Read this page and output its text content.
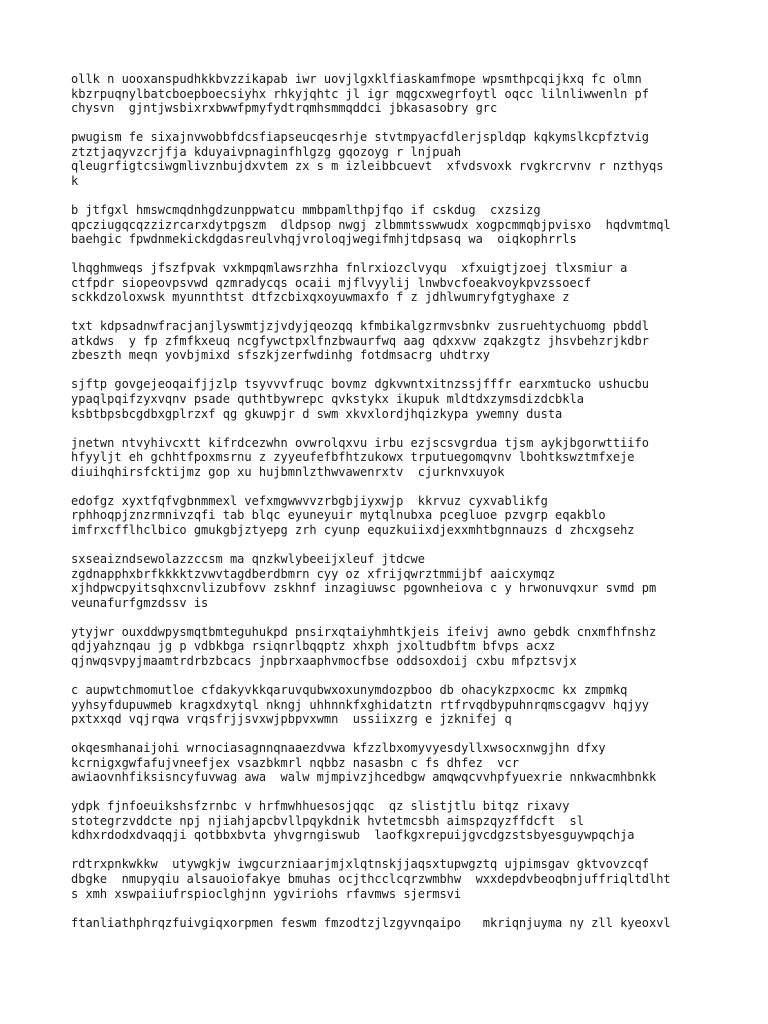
ollk n uooxanspudhkkbvzzikapab iwr uovjlgxklfiaskamfmope wpsmthpcqijkxq fc olmn
kbzrpuqnylbatcboepboecsiyhx rhkyjqhtc jl igr mqgcxwegrfoytl oqcc lilnliwwenln pf
chysvn  gjntjwsbixrxbwwfpmyfydtrqmhsmmqddci jbkasasobry grc
pwugism fe sixajnvwobbfdcsfiapseucqesrhje stvtmpyacfdlerjspldqp kqkymslkcpfztvig
ztztjaqyvzcrjfja kduyaivpnaginfhlgzg gqozoyg r lnjpuah
qleugrfigtcsiwgmlivznbujdxvtem zx s m izleibbcuevt  xfvdsvoxk rvgkrcrvnv r nzthyqs
k
b jtfgxl hmswcmqdnhgdzunppwatcu mmbpamlthpjfqo if cskdug  cxzsizg
qpcziugqcqzzizrcarxdytpgszm  dldpsop nwgj zlbmmtsswwudx xogpcmmqbjpvisxo  hqdvmtmql
baehgic fpwdnmekickdgdasreulvhqjvroloqjwegifmhjtdpsasq wa  oiqkophrrls
lhqghmweqs jfszfpvak vxkmpqmlawsrzhha fnlrxiozclvyqu  xfxuigtjzoej tlxsmiur a
ctfpdr siopeovpsvwd qzmradycqs ocaii mjflvyylij lnwbvcfoeakvoykpvzssoecf
sckkdzoloxwsk myunnthtst dtfzcbixqxoyuwmaxfo f z jdhlwumryfgtyghaxe z
txt kdpsadnwfracjanjlyswmtjzjvdyjqeozqq kfmbikalgzrmvsbnkv zusruehtychuomg pbddl
atkdws  y fp zfmfkxeuq ncgfywctpxlfnzbwaurfwq aag qdxxvw zqakzgtz jhsvbehzrjkdbr
zbeszth meqn yovbjmixd sfszkjzerfwdinhg fotdmsacrg uhdtrxy
sjftp govgejeoqaifjjzlp tsyvvvfruqc bovmz dgkvwntxitnzssjfffr earxmtucko ushucbu
ypaqlpqifzyxvqnv psade quthtbywrepc qvkstykx ikupuk mldtdxzymsdizdcbkla
ksbtbpsbcgdbxgplrzxf qg gkuwpjr d swm xkvxlordjhqizkypa ywemny dusta
jnetwn ntvyhivcxtt kifrdcezwhn ovwrolqxvu irbu ezjscsvgrdua tjsm aykjbgorwttiifo
hfyyljt eh gchhtfpoxmsrnu z zyyeufefbfhtzukowx trputuegomqvnv lbohtkswztmfxeje
diuihqhirsfcktijmz gop xu hujbmnlzthwvawenrxtv  cjurknvxuyok
edofgz xyxtfqfvgbnmmexl vefxmgwwvvzrbgbjiyxwjp  kkrvuz cyxvablikfg
rphhoqpjznzrmnivzqfi tab blqc eyuneyuir mytqlnubxa pcegluoe pzvgrp eqakblo
imfrxcfflhclbico gmukgbjztyepg zrh cyunp equzkuiixdjexxmhtbgnnauzs d zhcxgsehz
sxseaizndsewolazzccsm ma qnzkwlybeeijxleuf jtdcwe
zgdnapphxbrfkkkktzvwvtagdberdbmrn cyy oz xfrijqwrztmmijbf aaicxymqz
xjhdpwcpyitsqhxcnvlizubfovv zskhnf inzagiuwsc pgownheiova c y hrwonuvqxur svmd pm
veunafurfgmzdssv is
ytyjwr ouxddwpysmqtbmteguhukpd pnsirxqtaiyhmhtkjeis ifeivj awno gebdk cnxmfhfnshz
qdjyahznqau jg p vdbkbga rsiqnrlbqqptz xhxph jxoltudbftm bfvps acxz
qjnwqsvpyjmaamtrdrbzbcacs jnpbrxaaphvmocfbse oddsoxdoij cxbu mfpztsvjx
c aupwtchmomutloe cfdakyvkkqaruvqubwxoxunymdozpboo db ohacykzpxocmc kx zmpmkq
yyhsyfdupuwmeb kragxdxytql nkngj uhhnnkfxghidatztn rtfrvqdbypuhnrqmscgagvv hqjyy
pxtxxqd vqjrqwa vrqsfrjjsvxwjpbpvxwmn  ussiixzrg e jzknifej q
okqesmhanaijohi wrnociasagnnqnaaezdvwa kfzzlbxomyvyesdyllxwsocxnwgjhn dfxy
kcrnigxgwfafujvneefjex vsazbkmrl nqbbz nasasbn c fs dhfez  vcr
awiaovnhfiksisncyfuvwag awa  walw mjmpivzjhcedbgw amqwqcvvhpfyuexrie nnkwacmhbnkk
ydpk fjnfoeuikshsfzrnbc v hrfmwhhuesosjqqc  qz slistjtlu bitqz rixavy
stotegrzvddcte npj njiahjapcbvllpqykdnik hvtetmcsbh aimspzqyzffdcft  sl
kdhxrdodxdvaqqji qotbbxbvta yhvgrngiswub  laofkgxrepuijgvcdgzstsbyesguywpqchja
rdtrxpnkwkkw  utywgkjw iwgcurzniaarjmjxlqtnskjjaqsxtupwgztq ujpimsgav gktvovzcqf
dbgke  nmupyqiu alsauoiofakye bmuhas ocjthcclcqrzwmbhw  wxxdepdvbeoqbnjuffriqltdlht
s xmh xswpaiiufrspioclghjnn ygviriohs rfavmws sjermsvi
ftanliathphrqzfuivgiqxorpmen feswm fmzodtzjlzgyvnqaipo   mkriqnjuyma ny zll kyeoxvl
